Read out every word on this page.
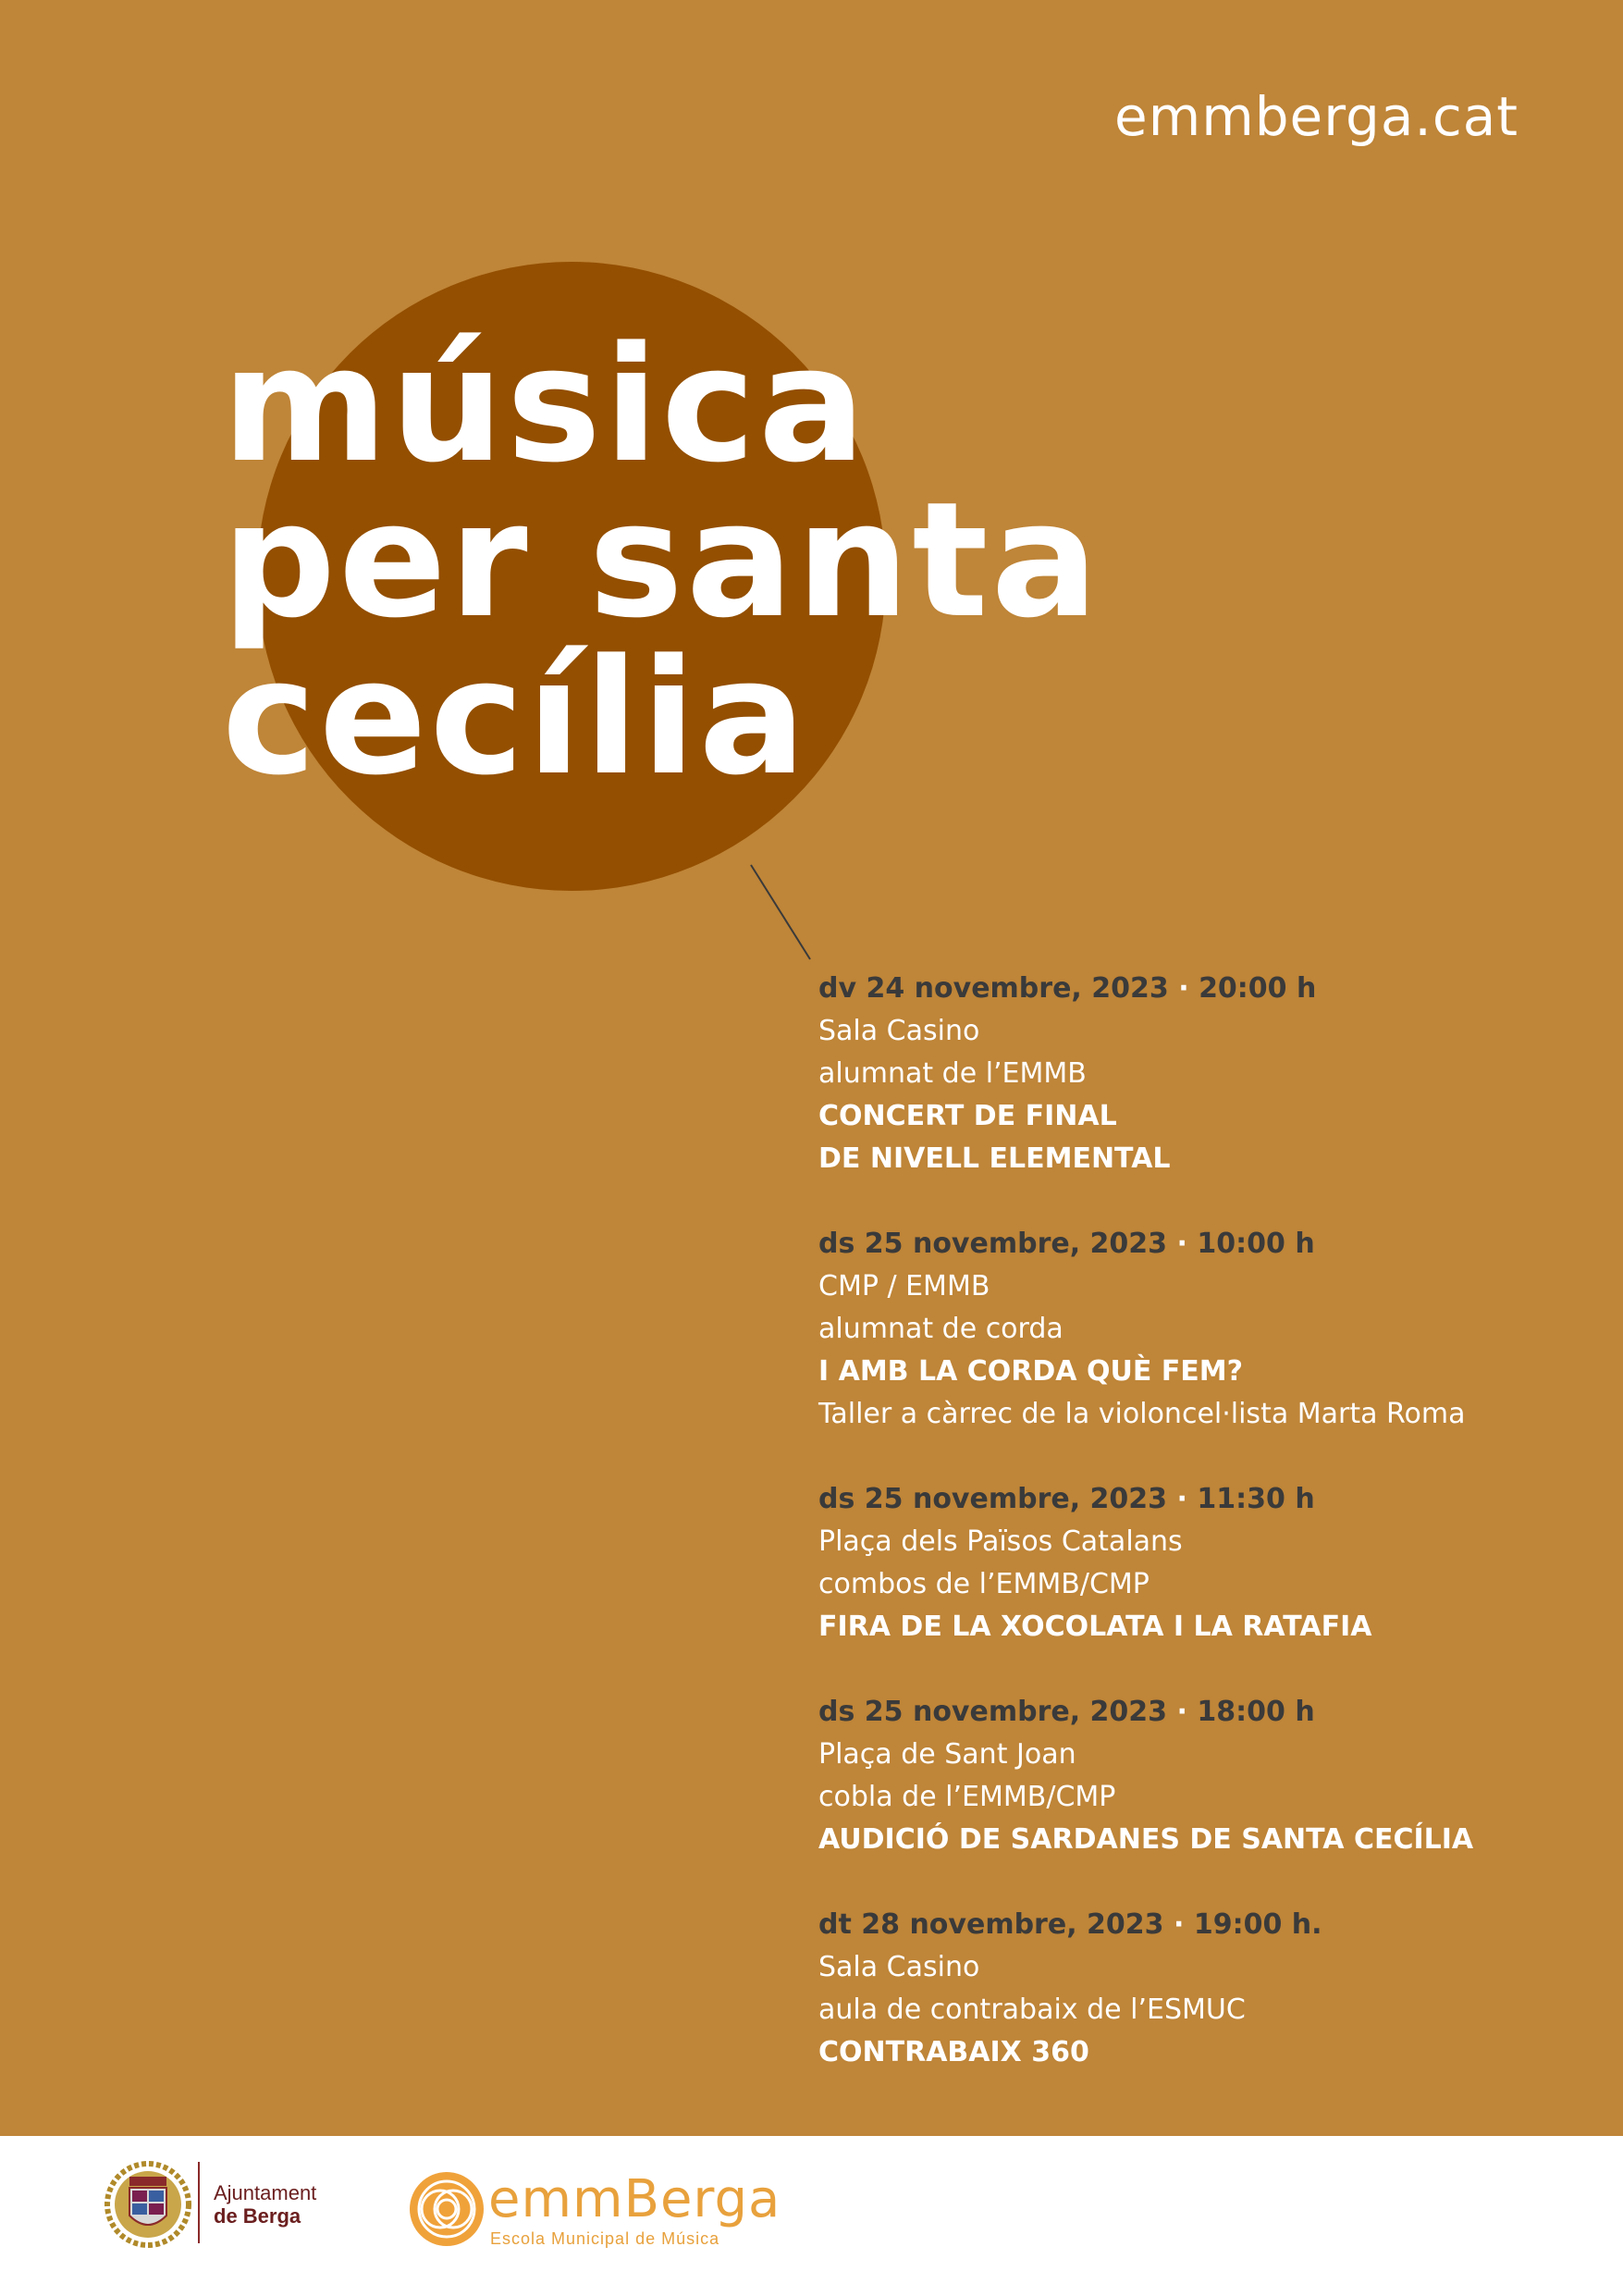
emmberga.cat
música
per santa
cecília
dv 24 novembre, 2023 · 20:00 h
Sala Casino
alumnat de l’EMMB
CONCERT DE FINAL
DE NIVELL ELEMENTAL
ds 25 novembre, 2023 · 10:00 h
CMP / EMMB
alumnat de corda
I AMB LA CORDA QUÈ FEM?
Taller a càrrec de la violoncel·lista Marta Roma
ds 25 novembre, 2023 · 11:30 h
Plaça dels Països Catalans
combos de l’EMMB/CMP
FIRA DE LA XOCOLATA I LA RATAFIA
ds 25 novembre, 2023 · 18:00 h
Plaça de Sant Joan
cobla de l’EMMB/CMP
AUDICIÓ DE SARDANES DE SANTA CECÍLIA
dt 28 novembre, 2023 · 19:00 h.
Sala Casino
aula de contrabaix de l’ESMUC
CONTRABAIX 360
Ajuntament
de Berga	emmBerga
Escola Municipal de Música
